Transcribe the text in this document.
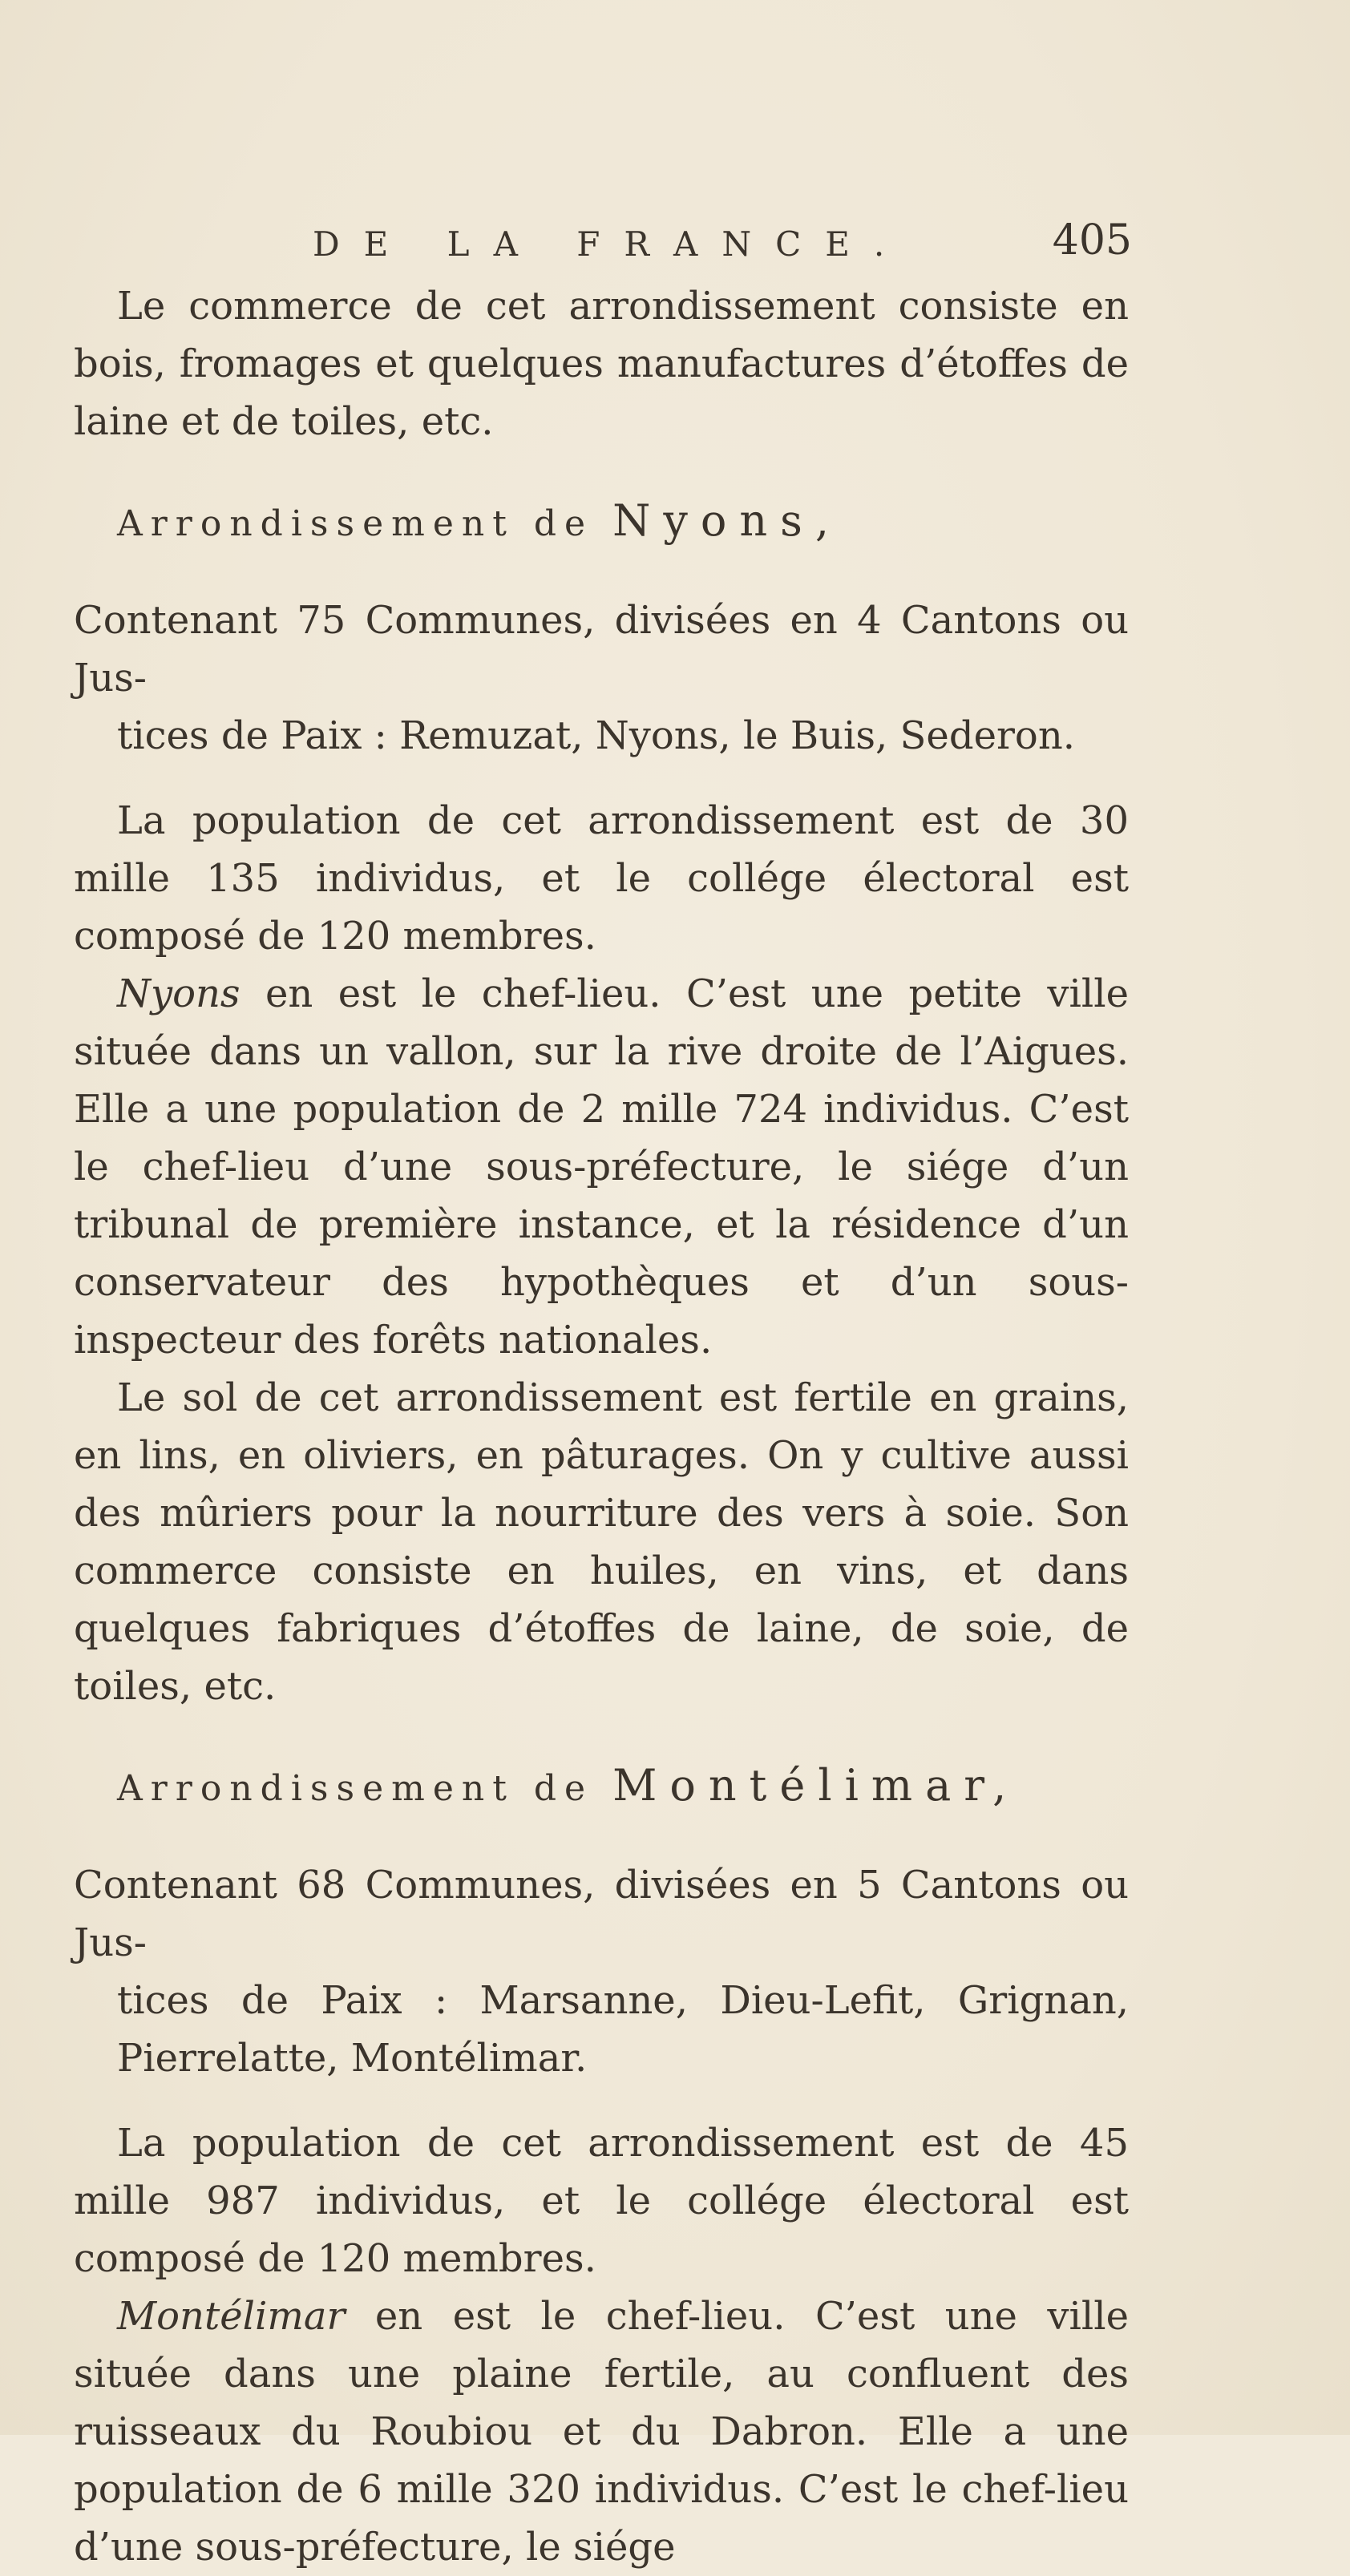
DE LA FRANCE.	405

Le commerce de cet arrondissement consiste en bois, fromages et quelques manufactures d’étoffes de laine et de toiles, etc.

Arrondissement de Nyons,

Contenant 75 Communes, divisées en 4 Cantons ou Jus-

tices de Paix : Remuzat, Nyons, le Buis, Sederon.

La population de cet arrondissement est de 30 mille 135 individus, et le collége électoral est composé de 120 membres.

Nyons en est le chef-lieu. C’est une petite ville située dans un vallon, sur la rive droite de l’Aigues. Elle a une population de 2 mille 724 individus. C’est le chef-lieu d’une sous-préfecture, le siége d’un tribunal de première instance, et la résidence d’un conservateur des hypothèques et d’un sous-inspecteur des forêts nationales.

Le sol de cet arrondissement est fertile en grains, en lins, en oliviers, en pâturages. On y cultive aussi des mûriers pour la nourriture des vers à soie. Son commerce consiste en huiles, en vins, et dans quelques fabriques d’étoffes de laine, de soie, de toiles, etc.

Arrondissement de Montélimar,

Contenant 68 Communes, divisées en 5 Cantons ou Jus-

tices de Paix : Marsanne, Dieu-Lefit, Grignan, Pierrelatte, Montélimar.

La population de cet arrondissement est de 45 mille 987 individus, et le collége électoral est composé de 120 membres.

Montélimar en est le chef-lieu. C’est une ville située dans une plaine fertile, au confluent des ruisseaux du Roubiou et du Dabron. Elle a une population de 6 mille 320 individus. C’est le chef-lieu d’une sous-préfecture, le siége
